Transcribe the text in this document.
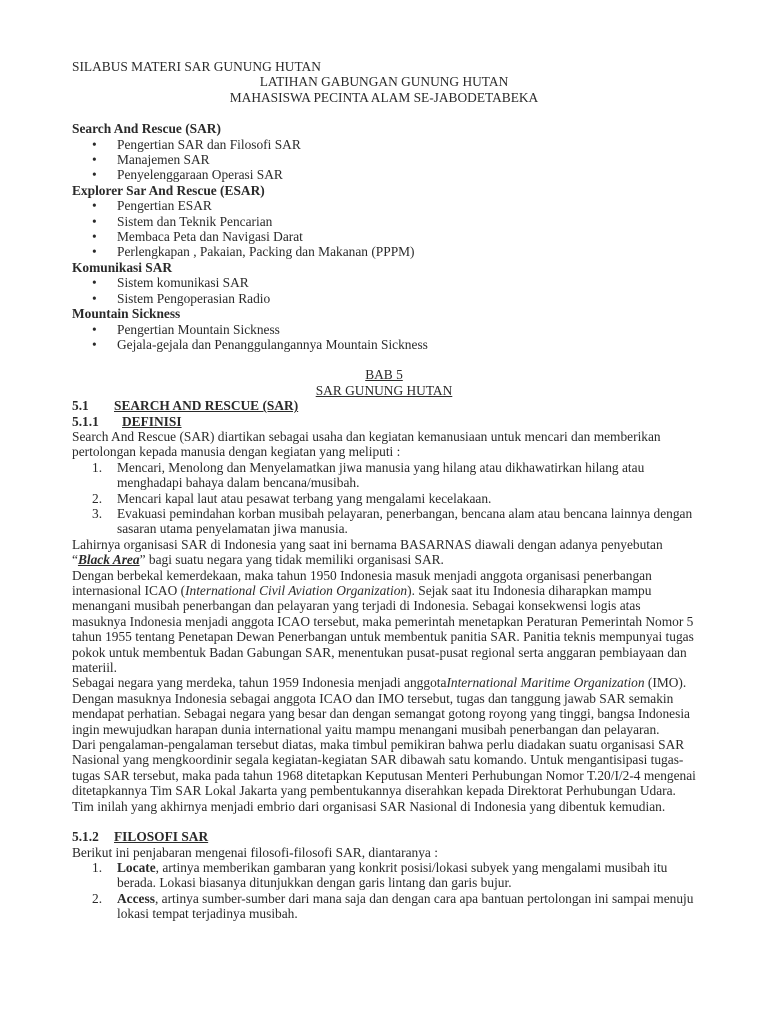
SILABUS MATERI SAR GUNUNG HUTAN
LATIHAN GABUNGAN GUNUNG HUTAN
MAHASISWA PECINTA ALAM SE-JABODETABEKA
Search And Rescue (SAR)
• Pengertian SAR dan Filosofi SAR
• Manajemen SAR
• Penyelenggaraan Operasi SAR
Explorer Sar And Rescue (ESAR)
• Pengertian ESAR
• Sistem dan Teknik Pencarian
• Membaca Peta dan Navigasi Darat
• Perlengkapan , Pakaian, Packing dan Makanan (PPPM)
Komunikasi SAR
• Sistem komunikasi SAR
• Sistem Pengoperasian Radio
Mountain Sickness
• Pengertian Mountain Sickness
• Gejala-gejala dan Penanggulangannya Mountain Sickness
BAB 5
SAR GUNUNG HUTAN
5.1 SEARCH AND RESCUE (SAR)
5.1.1 DEFINISI
Search And Rescue (SAR) diartikan sebagai usaha dan kegiatan kemanusiaan untuk mencari dan memberikan pertolongan kepada manusia dengan kegiatan yang meliputi :
1. Mencari, Menolong dan Menyelamatkan jiwa manusia yang hilang atau dikhawatirkan hilang atau menghadapi bahaya dalam bencana/musibah.
2. Mencari kapal laut atau pesawat terbang yang mengalami kecelakaan.
3. Evakuasi pemindahan korban musibah pelayaran, penerbangan, bencana alam atau bencana lainnya dengan sasaran utama penyelamatan jiwa manusia.
Lahirnya organisasi SAR di Indonesia yang saat ini bernama BASARNAS diawali dengan adanya penyebutan “Black Area” bagi suatu negara yang tidak memiliki organisasi SAR.
Dengan berbekal kemerdekaan, maka tahun 1950 Indonesia masuk menjadi anggota organisasi penerbangan internasional ICAO (International Civil Aviation Organization). Sejak saat itu Indonesia diharapkan mampu menangani musibah penerbangan dan pelayaran yang terjadi di Indonesia. Sebagai konsekwensi logis atas masuknya Indonesia menjadi anggota ICAO tersebut, maka pemerintah menetapkan Peraturan Pemerintah Nomor 5 tahun 1955 tentang Penetapan Dewan Penerbangan untuk membentuk panitia SAR. Panitia teknis mempunyai tugas pokok untuk membentuk Badan Gabungan SAR, menentukan pusat-pusat regional serta anggaran pembiayaan dan materiil.
Sebagai negara yang merdeka, tahun 1959 Indonesia menjadi anggotaInternational Maritime Organization (IMO). Dengan masuknya Indonesia sebagai anggota ICAO dan IMO tersebut, tugas dan tanggung jawab SAR semakin mendapat perhatian. Sebagai negara yang besar dan dengan semangat gotong royong yang tinggi, bangsa Indonesia ingin mewujudkan harapan dunia international yaitu mampu menangani musibah penerbangan dan pelayaran.
Dari pengalaman-pengalaman tersebut diatas, maka timbul pemikiran bahwa perlu diadakan suatu organisasi SAR Nasional yang mengkoordinir segala kegiatan-kegiatan SAR dibawah satu komando. Untuk mengantisipasi tugas-tugas SAR tersebut, maka pada tahun 1968 ditetapkan Keputusan Menteri Perhubungan Nomor T.20/I/2-4 mengenai ditetapkannya Tim SAR Lokal Jakarta yang pembentukannya diserahkan kepada Direktorat Perhubungan Udara. Tim inilah yang akhirnya menjadi embrio dari organisasi SAR Nasional di Indonesia yang dibentuk kemudian.
5.1.2 FILOSOFI SAR
Berikut ini penjabaran mengenai filosofi-filosofi SAR, diantaranya :
1. Locate, artinya memberikan gambaran yang konkrit posisi/lokasi subyek yang mengalami musibah itu berada. Lokasi biasanya ditunjukkan dengan garis lintang dan garis bujur.
2. Access, artinya sumber-sumber dari mana saja dan dengan cara apa bantuan pertolongan ini sampai menuju lokasi tempat terjadinya musibah.
